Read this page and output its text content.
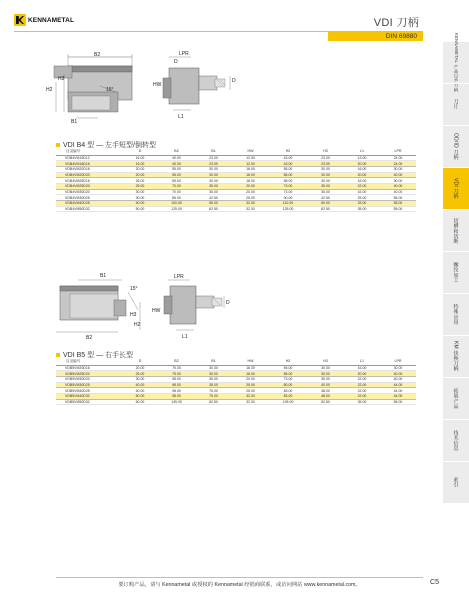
KENNAMETAL	VDI 刀柄
DIN 69880	KENNAMETAL 产品目录 刀柄
刀片
OD/ID 刀柄
VDI 刀柄
切槽和切断
螺纹加工
特殊应用
KM 快换刀柄
拓展产品
技术信息
索引
B2
H3
H2	15°
B1
LPR
D
HW
D
L1
VDI B4 型 — 左手短型/倒转型
目录编号	D	B2	B1	HW	H2	H3	L1	LPR
VDB4VM16D12	16.00	40.00	23.00	12.00	43.00	23.00	13.00	24.00
VDB4VM16D16	16.00	40.00	23.00	12.00	43.00	23.00	20.00	24.00
VDB4VM20D16	20.00	55.00	30.00	16.00	55.00	30.00	16.00	30.00
VDB4VM20D20	20.00	55.00	30.00	16.00	55.00	30.00	20.00	40.00
VDB4VM25D16	25.00	55.00	30.00	16.00	58.00	30.00	16.00	30.00
VDB4VM25D20	25.00	70.00	35.00	20.00	73.00	35.00	22.00	40.00
VDB4VM30D20	30.00	70.00	35.00	20.00	73.00	35.00	42.00	40.00
VDB4VM30D25	30.00	85.00	42.50	25.00	90.00	42.50	25.00	55.00
VDB4VM40D25	40.00	100.00	55.00	32.00	110.00	60.00	33.00	55.00
VDB4VM50D32	50.00	125.00	62.50	32.00	125.00	62.50	35.00	55.00
B1
15°
H3
H2
B2
LPR
D
HW
L1
VDI B5 型 — 右手长型
目录编号	D	B2	B1	HW	H2	H3	L1	LPR
VDB5VM20D16	20.00	75.00	30.00	16.00	55.00	30.00	16.00	30.00
VDB5VM25D20	25.00	75.00	30.00	16.00	55.00	30.00	20.00	40.00
VDB5VM30D20	30.00	98.00	35.00	20.00	73.00	35.00	22.00	40.00
VDB5VM30D25	40.00	98.00	35.00	25.00	80.00	40.00	22.00	44.00
VDB5VM40D25	40.00	98.00	75.00	25.00	83.00	48.00	22.00	44.00
VDB5VM40D32	50.00	98.00	75.00	32.00	83.00	48.00	22.00	44.00
VDB5VM50D32	60.00	145.00	82.50	32.00	105.00	52.50	35.00	55.00
要订购产品，请与 Kennametal 或授权的 Kennametal 经销商联系，或访问网站 www.kennametal.com。	C5
